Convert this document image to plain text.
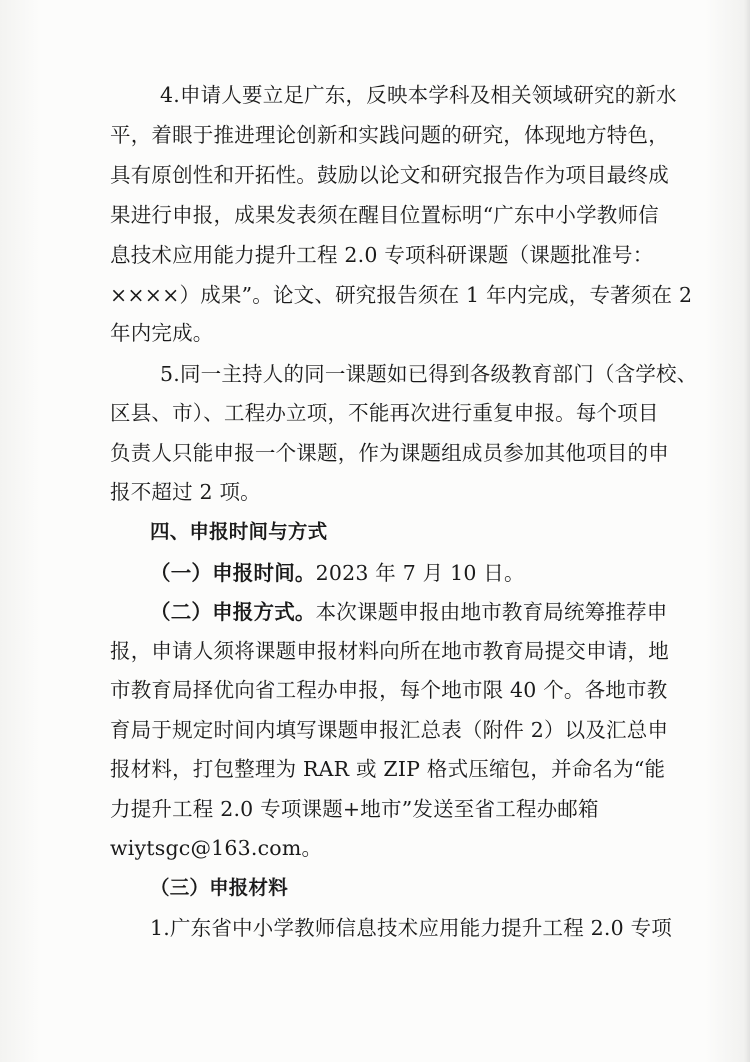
4.申请人要立足广东，反映本学科及相关领域研究的新水
平，着眼于推进理论创新和实践问题的研究，体现地方特色，
具有原创性和开拓性。鼓励以论文和研究报告作为项目最终成
果进行申报，成果发表须在醒目位置标明“广东中小学教师信
息技术应用能力提升工程 2.0 专项科研课题（课题批准号：
××××）成果”。论文、研究报告须在 1 年内完成，专著须在 2
年内完成。
5.同一主持人的同一课题如已得到各级教育部门（含学校、
区县、市）、工程办立项，不能再次进行重复申报。每个项目
负责人只能申报一个课题，作为课题组成员参加其他项目的申
报不超过 2 项。
四、申报时间与方式
（一）申报时间。2023 年 7 月 10 日。
（二）申报方式。本次课题申报由地市教育局统筹推荐申
报，申请人须将课题申报材料向所在地市教育局提交申请，地
市教育局择优向省工程办申报，每个地市限 40 个。各地市教
育局于规定时间内填写课题申报汇总表（附件 2）以及汇总申
报材料，打包整理为 RAR 或 ZIP 格式压缩包，并命名为“能
力提升工程 2.0 专项课题+地市”发送至省工程办邮箱
wiytsgc@163.com。
（三）申报材料
1.广东省中小学教师信息技术应用能力提升工程 2.0 专项
